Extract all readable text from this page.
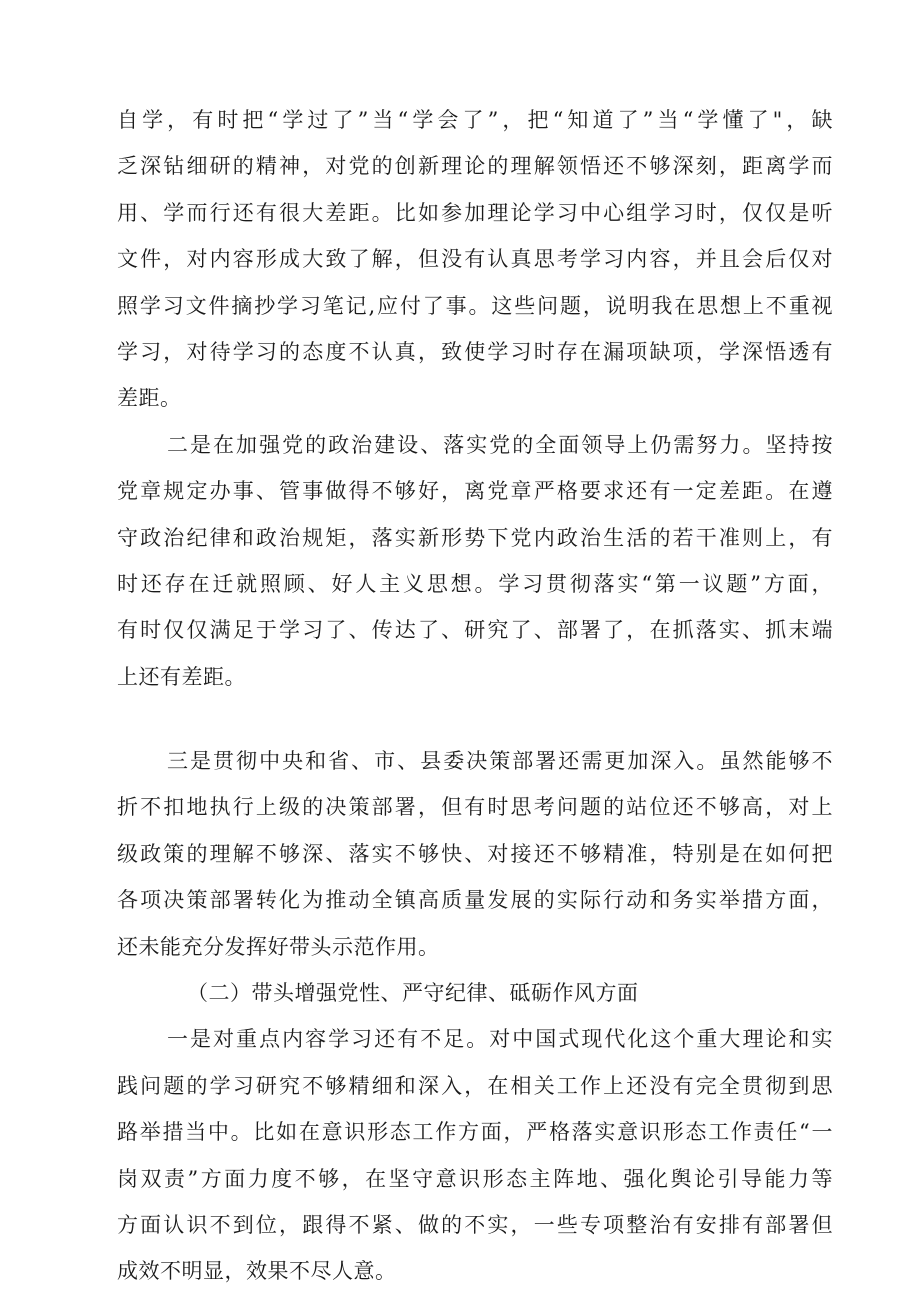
自学，有时把“学过了”当“学会了”，把“知道了”当“学懂了"，缺
乏深钻细研的精神，对党的创新理论的理解领悟还不够深刻，距离学而
用、学而行还有很大差距。比如参加理论学习中心组学习时，仅仅是听
文件，对内容形成大致了解，但没有认真思考学习内容，并且会后仅对
照学习文件摘抄学习笔记,应付了事。这些问题，说明我在思想上不重视
学习，对待学习的态度不认真，致使学习时存在漏项缺项，学深悟透有
差距。
二是在加强党的政治建设、落实党的全面领导上仍需努力。坚持按
党章规定办事、管事做得不够好，离党章严格要求还有一定差距。在遵
守政治纪律和政治规矩，落实新形势下党内政治生活的若干准则上，有
时还存在迁就照顾、好人主义思想。学习贯彻落实“第一议题”方面，
有时仅仅满足于学习了、传达了、研究了、部署了，在抓落实、抓末端
上还有差距。
三是贯彻中央和省、市、县委决策部署还需更加深入。虽然能够不
折不扣地执行上级的决策部署，但有时思考问题的站位还不够高，对上
级政策的理解不够深、落实不够快、对接还不够精准，特别是在如何把
各项决策部署转化为推动全镇高质量发展的实际行动和务实举措方面，
还未能充分发挥好带头示范作用。
（二）带头增强党性、严守纪律、砥砺作风方面
一是对重点内容学习还有不足。对中国式现代化这个重大理论和实
践问题的学习研究不够精细和深入，在相关工作上还没有完全贯彻到思
路举措当中。比如在意识形态工作方面，严格落实意识形态工作责任“一
岗双责”方面力度不够，在坚守意识形态主阵地、强化舆论引导能力等
方面认识不到位，跟得不紧、做的不实，一些专项整治有安排有部署但
成效不明显，效果不尽人意。
